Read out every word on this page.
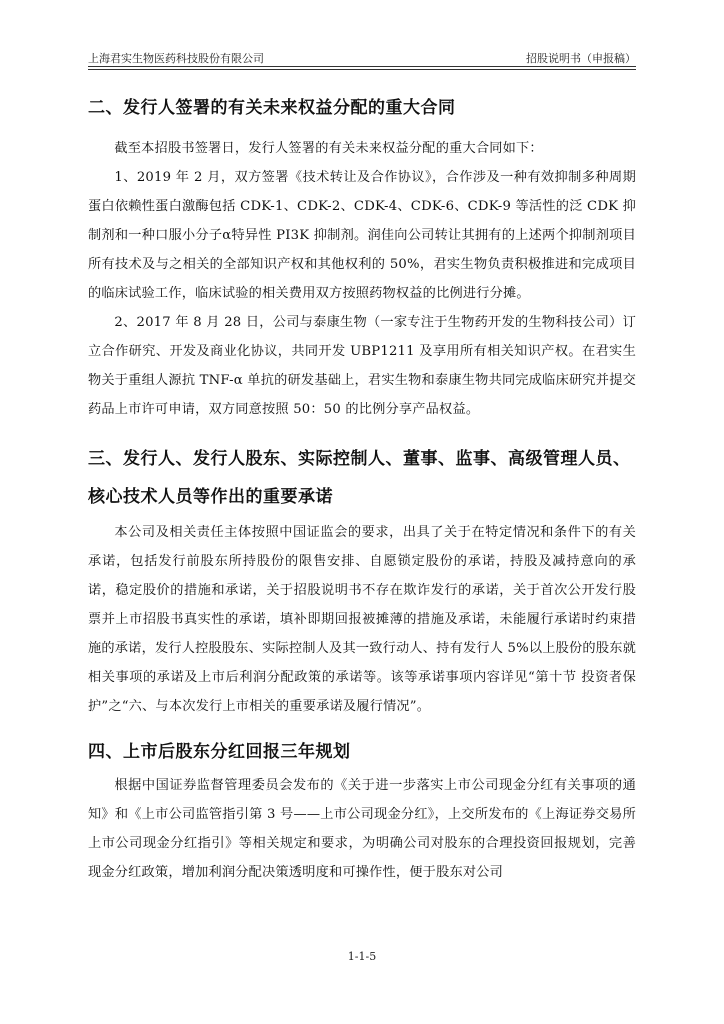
上海君实生物医药科技股份有限公司	招股说明书（申报稿）
二、发行人签署的有关未来权益分配的重大合同

截至本招股书签署日，发行人签署的有关未来权益分配的重大合同如下：

1、2019 年 2 月，双方签署《技术转让及合作协议》，合作涉及一种有效抑制多种周期蛋白依赖性蛋白激酶包括 CDK-1、CDK-2、CDK-4、CDK-6、CDK-9 等活性的泛 CDK 抑制剂和一种口服小分子α特异性 PI3K 抑制剂。润佳向公司转让其拥有的上述两个抑制剂项目所有技术及与之相关的全部知识产权和其他权利的 50%，君实生物负责积极推进和完成项目的临床试验工作，临床试验的相关费用双方按照药物权益的比例进行分摊。

2、2017 年 8 月 28 日，公司与泰康生物（一家专注于生物药开发的生物科技公司）订立合作研究、开发及商业化协议，共同开发 UBP1211 及享用所有相关知识产权。在君实生物关于重组人源抗 TNF-α 单抗的研发基础上，君实生物和泰康生物共同完成临床研究并提交药品上市许可申请，双方同意按照 50：50 的比例分享产品权益。

三、发行人、发行人股东、实际控制人、董事、监事、高级管理人员、核心技术人员等作出的重要承诺

本公司及相关责任主体按照中国证监会的要求，出具了关于在特定情况和条件下的有关承诺，包括发行前股东所持股份的限售安排、自愿锁定股份的承诺，持股及减持意向的承诺，稳定股价的措施和承诺，关于招股说明书不存在欺诈发行的承诺，关于首次公开发行股票并上市招股书真实性的承诺，填补即期回报被摊薄的措施及承诺，未能履行承诺时约束措施的承诺，发行人控股股东、实际控制人及其一致行动人、持有发行人 5%以上股份的股东就相关事项的承诺及上市后利润分配政策的承诺等。该等承诺事项内容详见“第十节 投资者保护”之“六、与本次发行上市相关的重要承诺及履行情况”。

四、上市后股东分红回报三年规划

根据中国证券监督管理委员会发布的《关于进一步落实上市公司现金分红有关事项的通知》和《上市公司监管指引第 3 号——上市公司现金分红》，上交所发布的《上海证券交易所上市公司现金分红指引》等相关规定和要求，为明确公司对股东的合理投资回报规划，完善现金分红政策，增加利润分配决策透明度和可操作性，便于股东对公司

1-1-5
